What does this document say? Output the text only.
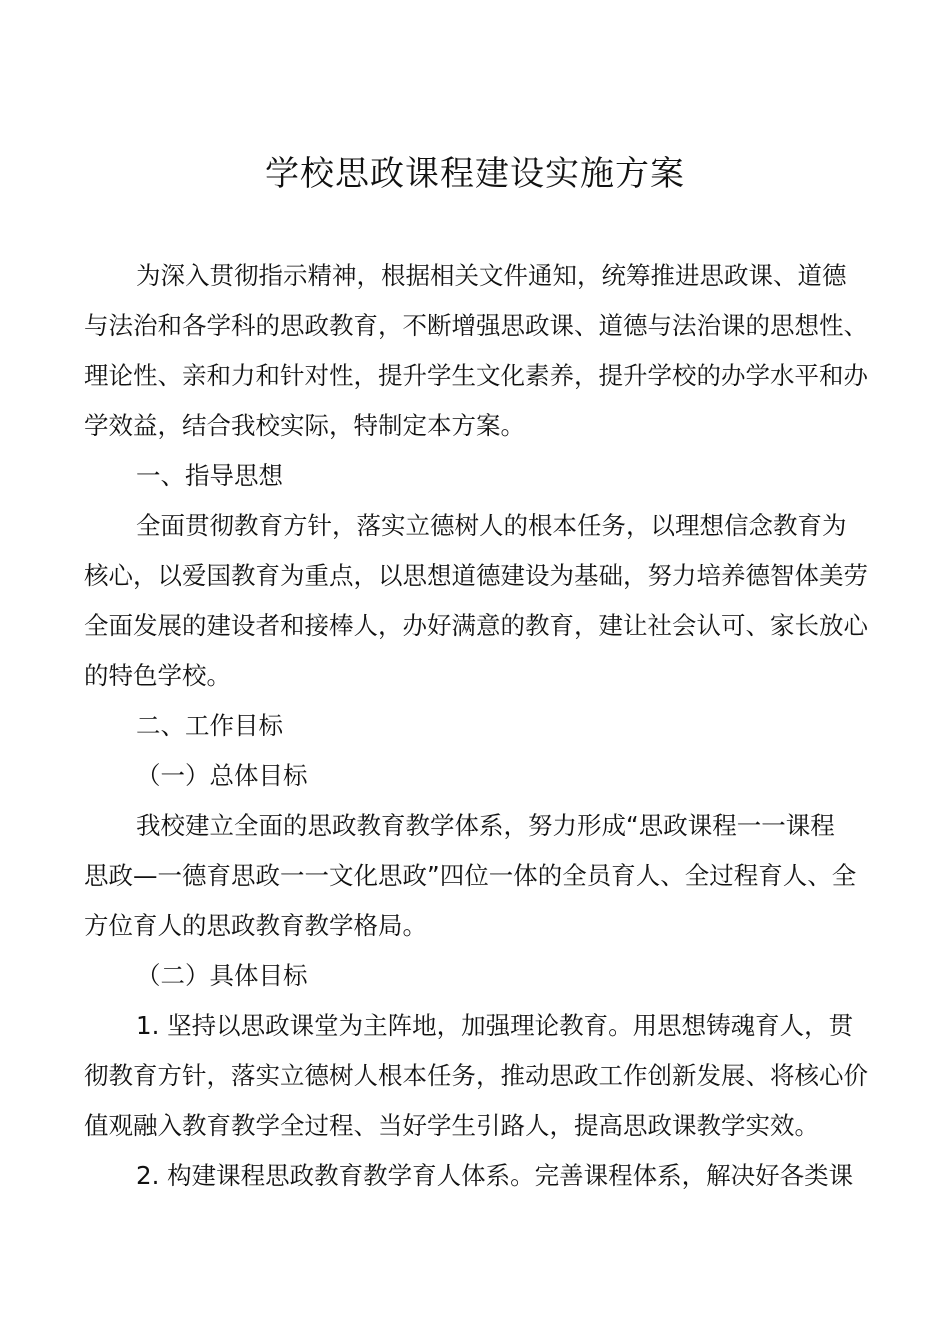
学校思政课程建设实施方案
为深入贯彻指示精神，根据相关文件通知，统筹推进思政课、道德
与法治和各学科的思政教育，不断增强思政课、道德与法治课的思想性、
理论性、亲和力和针对性，提升学生文化素养，提升学校的办学水平和办
学效益，结合我校实际，特制定本方案。
一、指导思想
全面贯彻教育方针，落实立德树人的根本任务，以理想信念教育为
核心，以爱国教育为重点，以思想道德建设为基础，努力培养德智体美劳
全面发展的建设者和接棒人，办好满意的教育，建让社会认可、家长放心
的特色学校。
二、工作目标
（一）总体目标
我校建立全面的思政教育教学体系，努力形成“思政课程一一课程
思政—一德育思政一一文化思政”四位一体的全员育人、全过程育人、全
方位育人的思政教育教学格局。
（二）具体目标
1. 坚持以思政课堂为主阵地，加强理论教育。用思想铸魂育人，贯
彻教育方针，落实立德树人根本任务，推动思政工作创新发展、将核心价
值观融入教育教学全过程、当好学生引路人，提高思政课教学实效。
2. 构建课程思政教育教学育人体系。完善课程体系，解决好各类课
